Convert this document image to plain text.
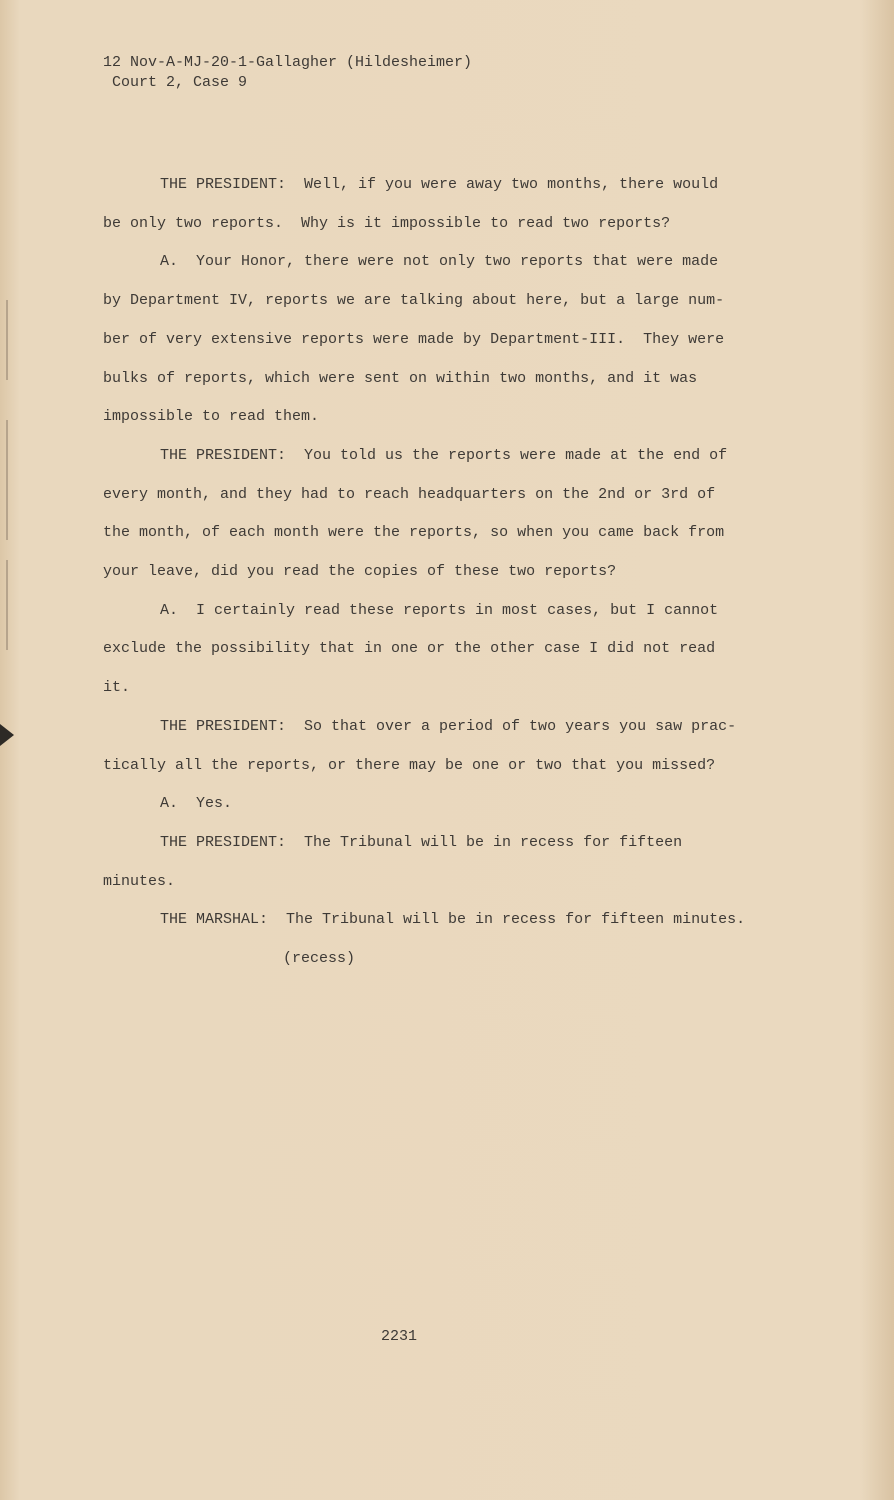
12 Nov-A-MJ-20-1-Gallagher (Hildesheimer)
Court 2, Case 9

THE PRESIDENT:  Well, if you were away two months, there would

be only two reports.  Why is it impossible to read two reports?

A.  Your Honor, there were not only two reports that were made

by Department IV, reports we are talking about here, but a large num-

ber of very extensive reports were made by Department-III.  They were

bulks of reports, which were sent on within two months, and it was

impossible to read them.

THE PRESIDENT:  You told us the reports were made at the end of

every month, and they had to reach headquarters on the 2nd or 3rd of

the month, of each month were the reports, so when you came back from

your leave, did you read the copies of these two reports?

A.  I certainly read these reports in most cases, but I cannot

exclude the possibility that in one or the other case I did not read

it.

THE PRESIDENT:  So that over a period of two years you saw prac-

tically all the reports, or there may be one or two that you missed?

A.  Yes.

THE PRESIDENT:  The Tribunal will be in recess for fifteen

minutes.

THE MARSHAL:  The Tribunal will be in recess for fifteen minutes.

(recess)

2231
